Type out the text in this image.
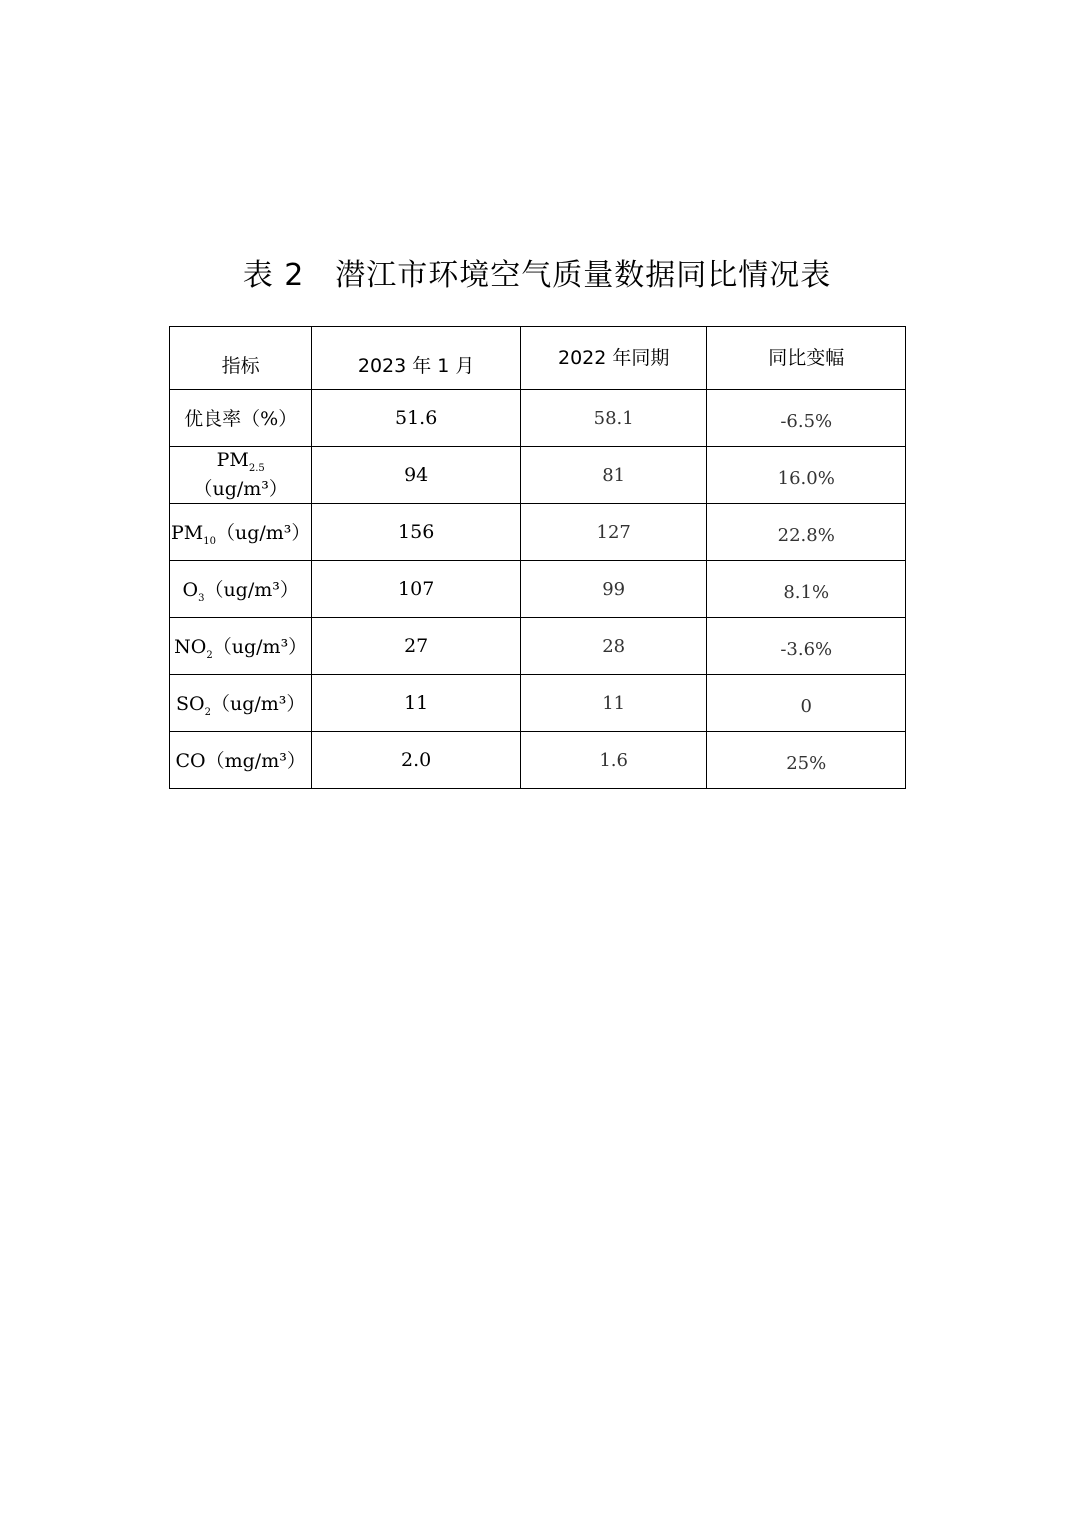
表 2　潜江市环境空气质量数据同比情况表
指标	2023 年 1 月	2022 年同期	同比变幅
优良率（%）	51.6	58.1	-6.5%
$PM_{2.5}(ug/m^3)$	94	81	16.0%
$PM_{10}(ug/m^3)$	156	127	22.8%
$O_3(ug/m^3)$	107	99	8.1%
$NO_2(ug/m^3)$	27	28	-3.6%
$SO_2(ug/m^3)$	11	11	0
CO（mg/m³）	2.0	1.6	25%
